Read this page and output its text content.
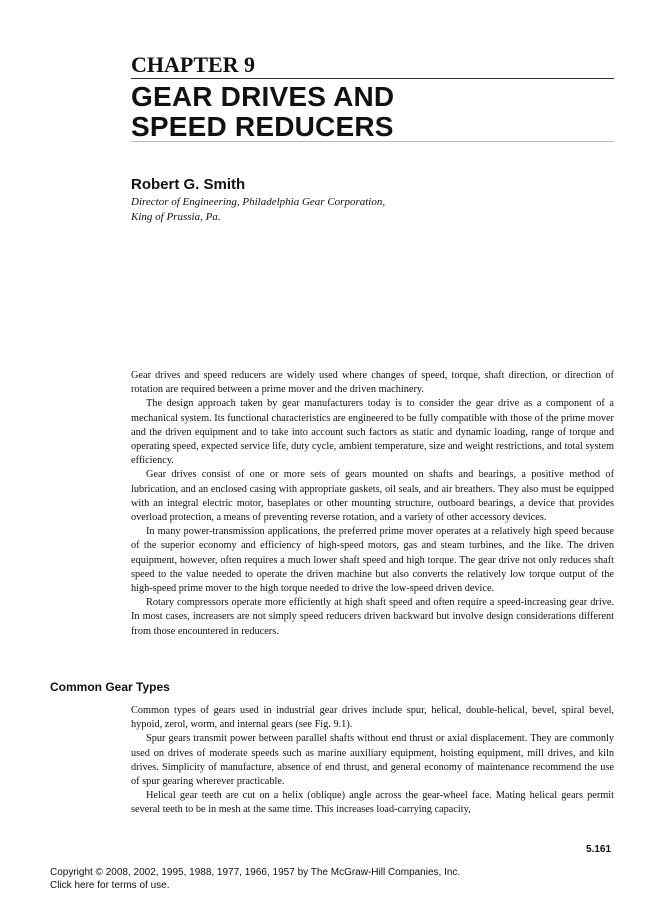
CHAPTER 9
GEAR DRIVES AND
SPEED REDUCERS
Robert G. Smith
Director of Engineering, Philadelphia Gear Corporation,
King of Prussia, Pa.

Gear drives and speed reducers are widely used where changes of speed, torque, shaft direction, or direction of rotation are required between a prime mover and the driven machinery.

The design approach taken by gear manufacturers today is to consider the gear drive as a component of a mechanical system. Its functional characteristics are engineered to be fully compatible with those of the prime mover and the driven equipment and to take into account such factors as static and dynamic loading, range of torque and operating speed, expected service life, duty cycle, ambient temperature, size and weight restrictions, and total system efficiency.

Gear drives consist of one or more sets of gears mounted on shafts and bearings, a positive method of lubrication, and an enclosed casing with appropriate gaskets, oil seals, and air breathers. They also must be equipped with an integral electric motor, baseplates or other mounting structure, outboard bearings, a device that provides overload protection, a means of preventing reverse rotation, and a variety of other accessory devices.

In many power-transmission applications, the preferred prime mover operates at a relatively high speed because of the superior economy and efficiency of high-speed motors, gas and steam turbines, and the like. The driven equipment, however, often requires a much lower shaft speed and high torque. The gear drive not only reduces shaft speed to the value needed to operate the driven machine but also converts the relatively low torque output of the high-speed prime mover to the high torque needed to drive the low-speed driven device.

Rotary compressors operate more efficiently at high shaft speed and often require a speed-increasing gear drive. In most cases, increasers are not simply speed reducers driven backward but involve design considerations different from those encountered in reducers.

Common Gear Types

Common types of gears used in industrial gear drives include spur, helical, double-helical, bevel, spiral bevel, hypoid, zerol, worm, and internal gears (see Fig. 9.1).

Spur gears transmit power between parallel shafts without end thrust or axial displacement. They are commonly used on drives of moderate speeds such as marine auxiliary equipment, hoisting equipment, mill drives, and kiln drives. Simplicity of manufacture, absence of end thrust, and general economy of maintenance recommend the use of spur gearing wherever practicable.

Helical gear teeth are cut on a helix (oblique) angle across the gear-wheel face. Mating helical gears permit several teeth to be in mesh at the same time. This increases load-carrying capacity,

5.161
Copyright © 2008, 2002, 1995, 1988, 1977, 1966, 1957 by The McGraw-Hill Companies, Inc.
Click here for terms of use.
